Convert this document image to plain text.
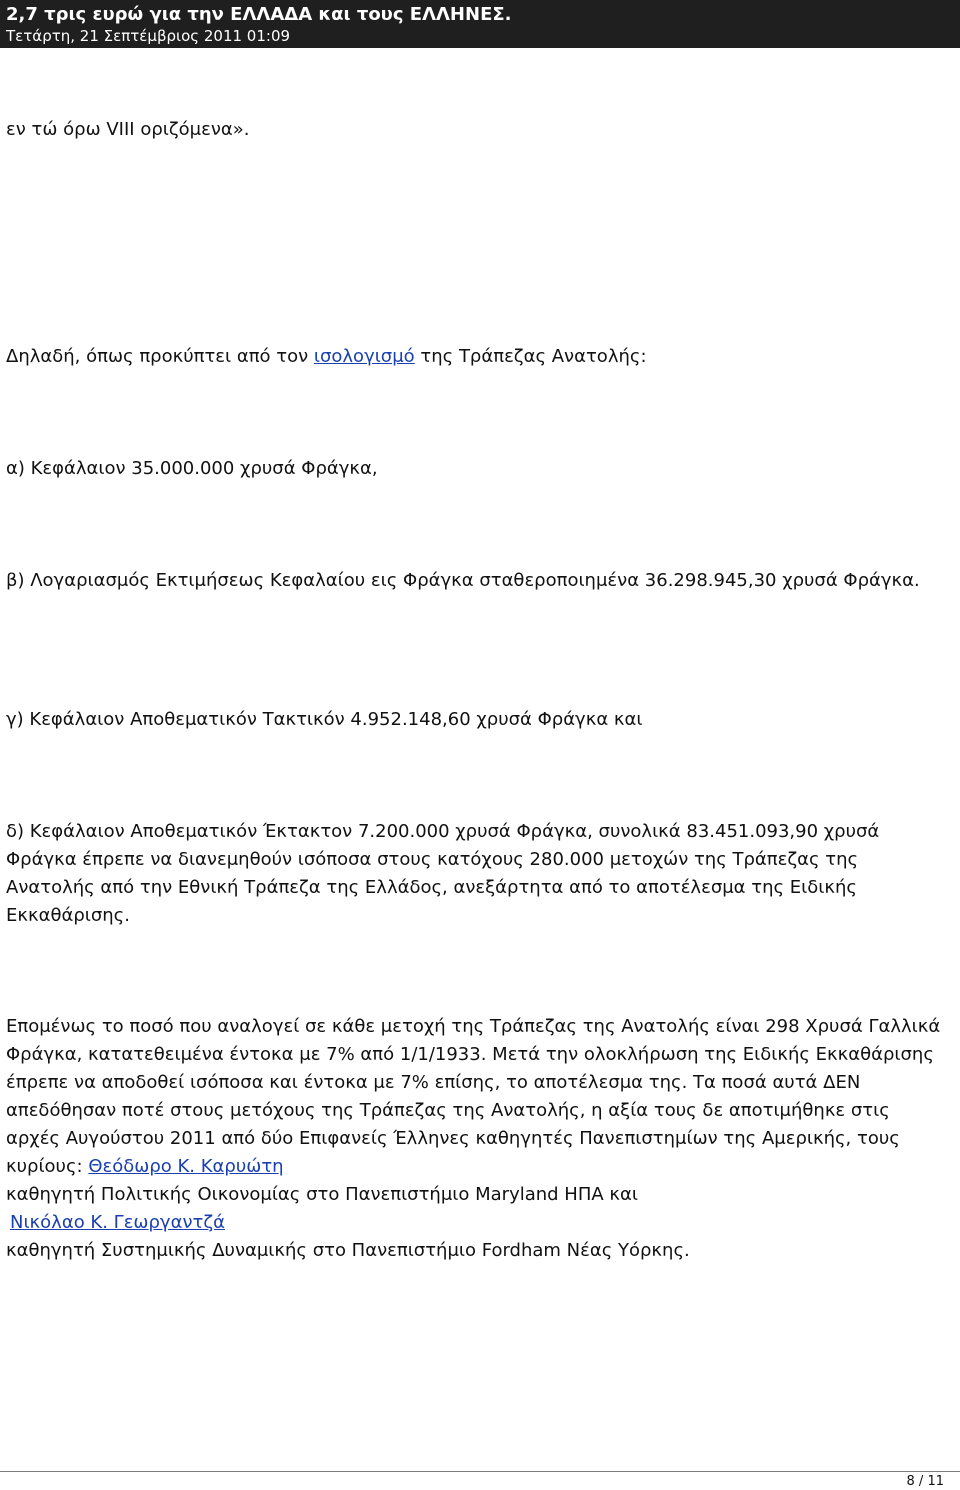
2,7 τρις ευρώ για την ΕΛΛΑΔΑ και τους ΕΛΛΗΝΕΣ.
Τετάρτη, 21 Σεπτέμβριος 2011 01:09

εν τώ όρω VIII οριζόμενα».

Δηλαδή, όπως προκύπτει από τον ισολογισμό της Τράπεζας Ανατολής:

α) Κεφάλαιον 35.000.000 χρυσά Φράγκα,

β) Λογαριασμός Εκτιμήσεως Κεφαλαίου εις Φράγκα σταθεροποιημένα 36.298.945,30 χρυσά Φράγκα.

γ) Κεφάλαιον Αποθεματικόν Τακτικόν 4.952.148,60 χρυσά Φράγκα και

δ) Κεφάλαιον Αποθεματικόν Έκτακτον 7.200.000 χρυσά Φράγκα, συνολικά 83.451.093,90 χρυσά Φράγκα έπρεπε να διανεμηθούν ισόποσα στους κατόχους 280.000 μετοχών της Τράπεζας της Ανατολής από την Εθνική Τράπεζα της Ελλάδος, ανεξάρτητα από το αποτέλεσμα της Ειδικής Εκκαθάρισης.

Επομένως το ποσό που αναλογεί σε κάθε μετοχή της Τράπεζας της Ανατολής είναι 298 Χρυσά Γαλλικά Φράγκα, κατατεθειμένα έντοκα με 7% από 1/1/1933. Μετά την ολοκλήρωση της Ειδικής Εκκαθάρισης έπρεπε να αποδοθεί ισόποσα και έντοκα με 7% επίσης, το αποτέλεσμα της. Τα ποσά αυτά ΔΕΝ απεδόθησαν ποτέ στους μετόχους της Τράπεζας της Ανατολής, η αξία τους δε αποτιμήθηκε στις αρχές Αυγούστου 2011 από δύο Επιφανείς Έλληνες καθηγητές Πανεπιστημίων της Αμερικής, τους κυρίους: Θεόδωρο Κ. Καρυώτη
καθηγητή Πολιτικής Οικονομίας στο Πανεπιστήμιο Maryland ΗΠΑ και
Νικόλαο Κ. Γεωργαντζά
καθηγητή Συστημικής Δυναμικής στο Πανεπιστήμιο Fordham Νέας Υόρκης.

8 / 11
